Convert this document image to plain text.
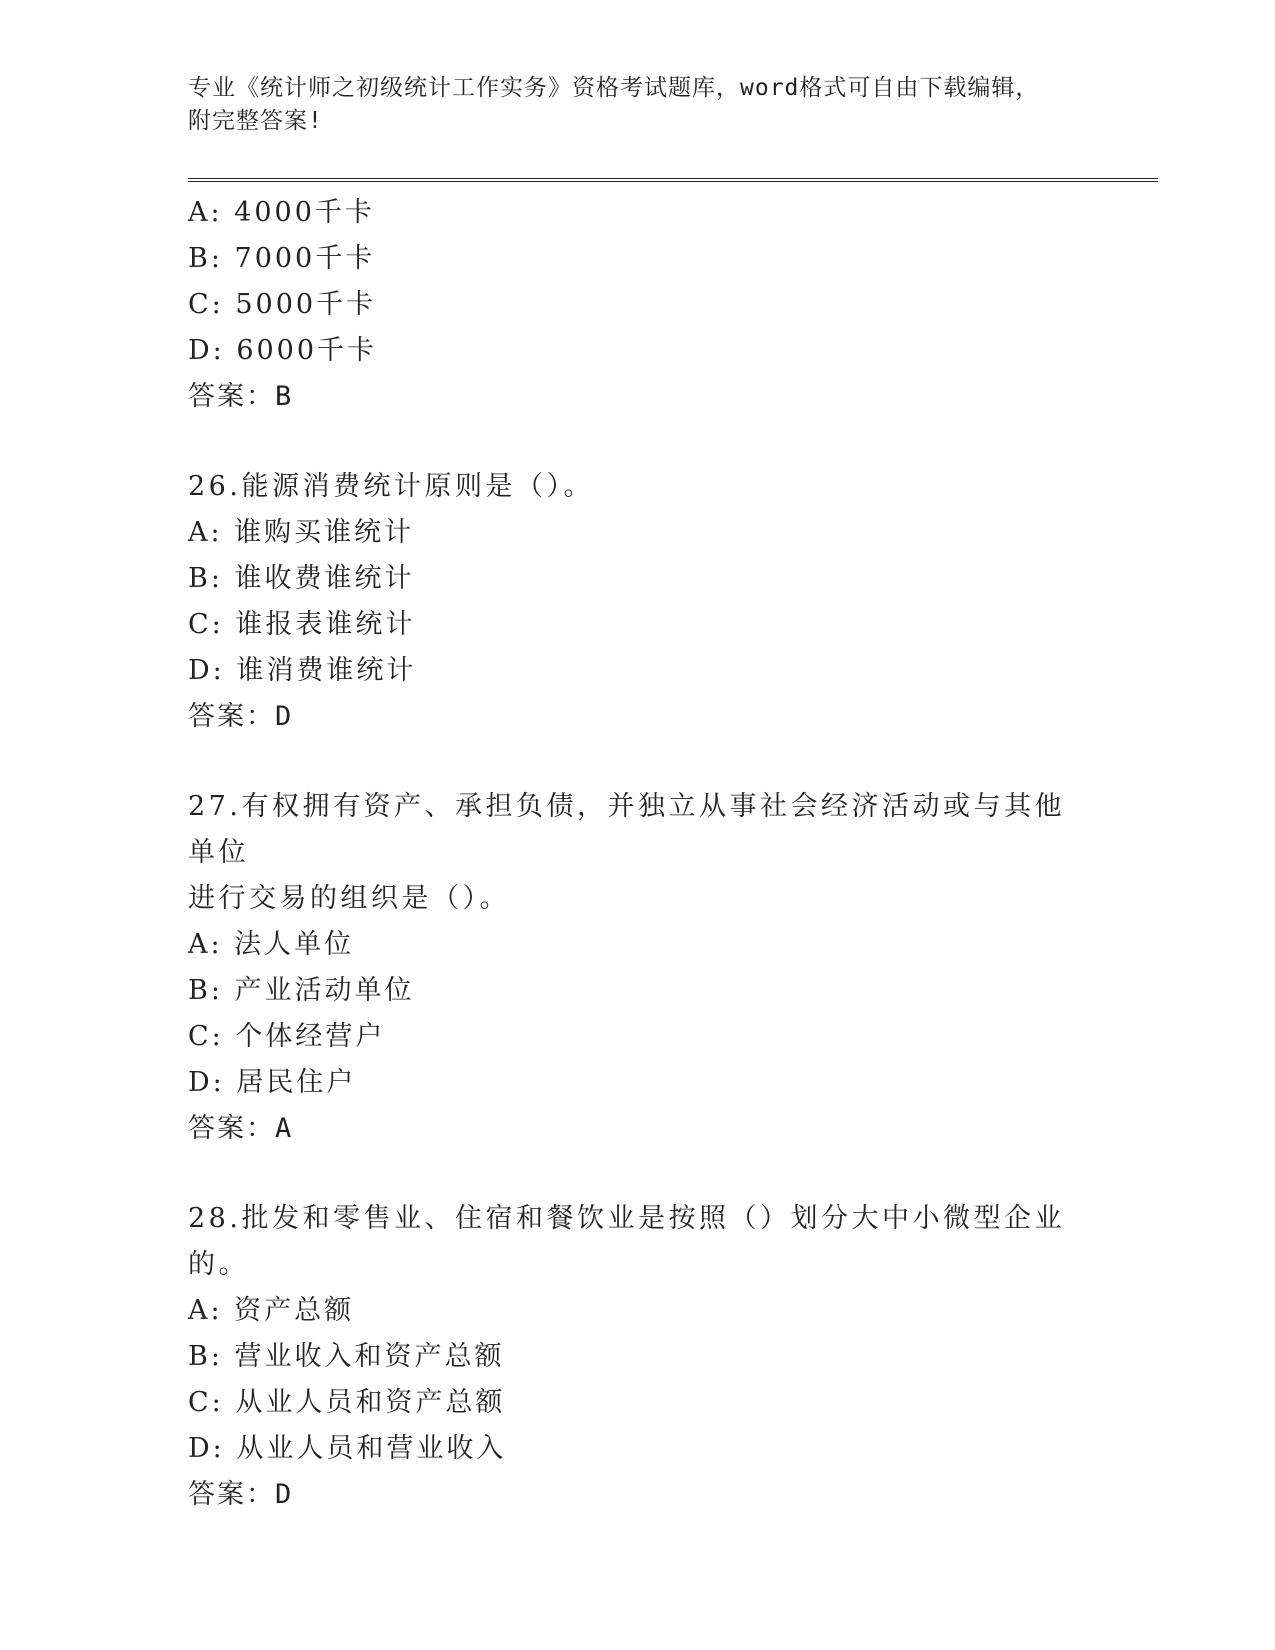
专业《统计师之初级统计工作实务》资格考试题库，word格式可自由下载编辑，
附完整答案!
A: 4000千卡
B: 7000千卡
C: 5000千卡
D: 6000千卡
答案：B
26.能源消费统计原则是（）。
A: 谁购买谁统计
B: 谁收费谁统计
C: 谁报表谁统计
D: 谁消费谁统计
答案：D
27.有权拥有资产、承担负债，并独立从事社会经济活动或与其他单位
进行交易的组织是（）。
A: 法人单位
B: 产业活动单位
C: 个体经营户
D: 居民住户
答案：A
28.批发和零售业、住宿和餐饮业是按照（）划分大中小微型企业的。
A: 资产总额
B: 营业收入和资产总额
C: 从业人员和资产总额
D: 从业人员和营业收入
答案：D
